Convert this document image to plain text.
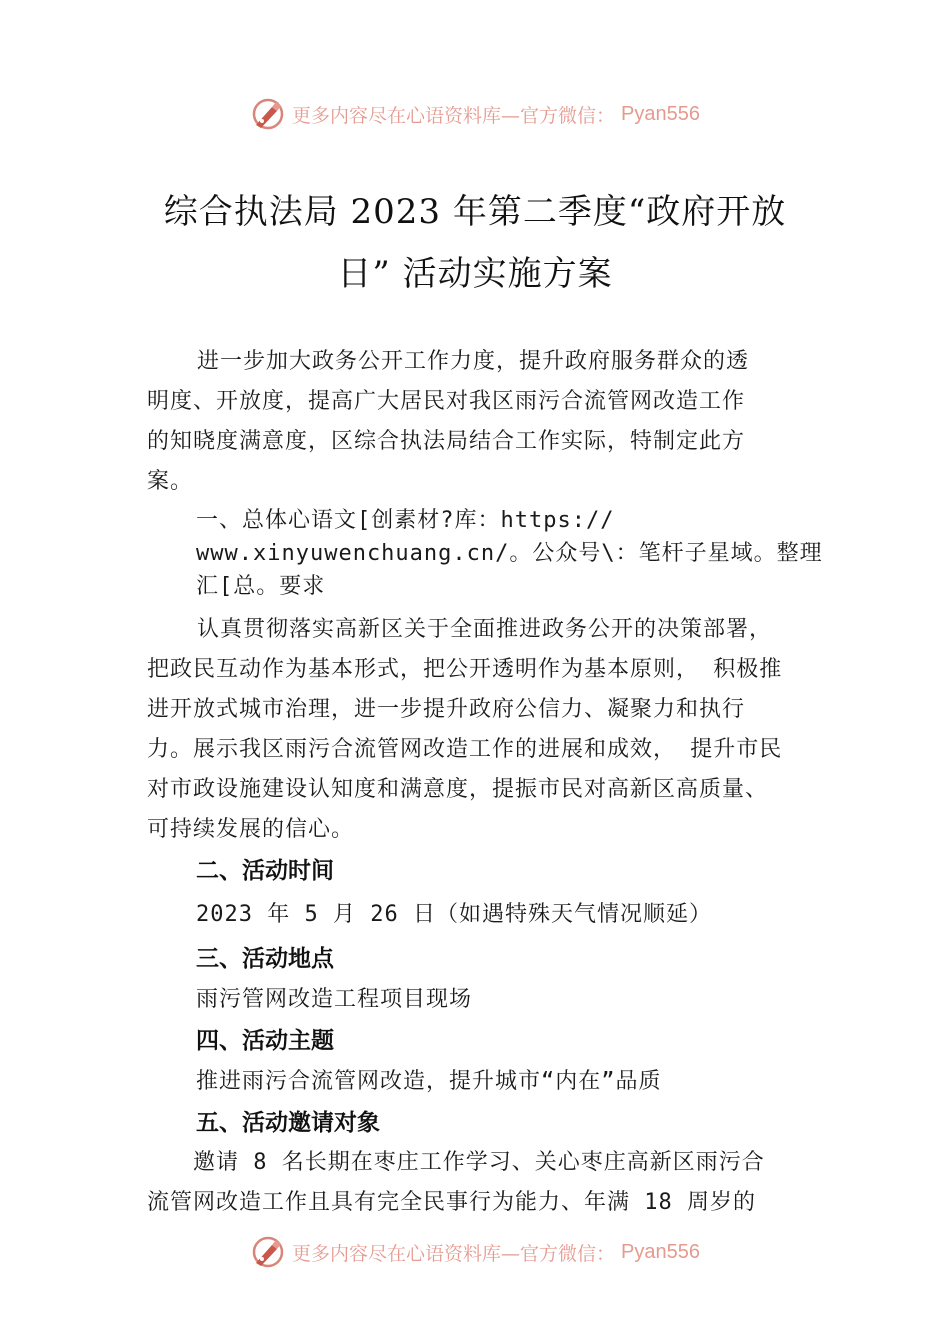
更多内容尽在心语资料库—官方微信： Pyan556
综合执法局 2023 年第二季度“政府开放
日” 活动实施方案
进一步加大政务公开工作力度，提升政府服务群众的透
明度、开放度，提高广大居民对我区雨污合流管网改造工作
的知晓度满意度，区综合执法局结合工作实际，特制定此方
案。
一、总体心语文[创素材?库：https://
www.xinyuwenchuang.cn/。公众号\：笔杆子星域。整理
汇[总。要求
认真贯彻落实高新区关于全面推进政务公开的决策部署，
把政民互动作为基本形式，把公开透明作为基本原则， 积极推
进开放式城市治理，进一步提升政府公信力、凝聚力和执行
力。展示我区雨污合流管网改造工作的进展和成效， 提升市民
对市政设施建设认知度和满意度，提振市民对高新区高质量、
可持续发展的信心。
二、活动时间
2023 年 5 月 26 日（如遇特殊天气情况顺延）
三、活动地点
雨污管网改造工程项目现场
四、活动主题
推进雨污合流管网改造，提升城市“内在”品质
五、活动邀请对象
邀请 8 名长期在枣庄工作学习、关心枣庄高新区雨污合
流管网改造工作且具有完全民事行为能力、年满 18 周岁的
更多内容尽在心语资料库—官方微信： Pyan556
